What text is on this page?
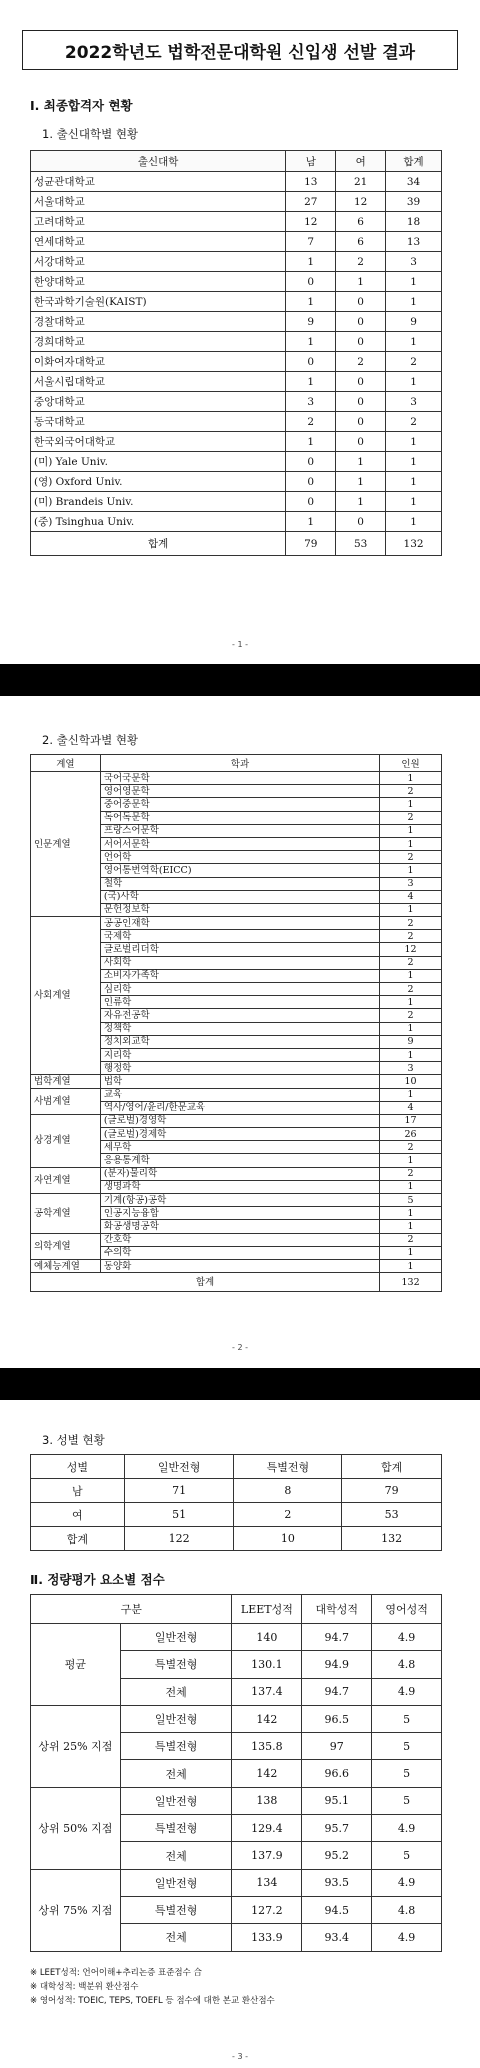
2022학년도 법학전문대학원 신입생 선발 결과
Ⅰ. 최종합격자 현황
1. 출신대학별 현황
출신대학	남	여	합계
성균관대학교	13	21	34
서울대학교	27	12	39
고려대학교	12	6	18
연세대학교	7	6	13
서강대학교	1	2	3
한양대학교	0	1	1
한국과학기술원(KAIST)	1	0	1
경찰대학교	9	0	9
경희대학교	1	0	1
이화여자대학교	0	2	2
서울시립대학교	1	0	1
중앙대학교	3	0	3
동국대학교	2	0	2
한국외국어대학교	1	0	1
(미) Yale Univ.	0	1	1
(영) Oxford Univ.	0	1	1
(미) Brandeis Univ.	0	1	1
(중) Tsinghua Univ.	1	0	1
합계	79	53	132
- 1 -
2. 출신학과별 현황
계열	학과	인원
인문계열	국어국문학	1
	영어영문학	2
	중어중문학	1
	독어독문학	2
	프랑스어문학	1
	서어서문학	1
	언어학	2
	영어통번역학(EICC)	1
	철학	3
	(국)사학	4
	문헌정보학	1
사회계열	공공인재학	2
	국제학	2
	글로벌리더학	12
	사회학	2
	소비자가족학	1
	심리학	2
	인류학	1
	자유전공학	2
	정책학	1
	정치외교학	9
	지리학	1
	행정학	3
법학계열	법학	10
사범계열	교육	1
	역사/영어/윤리/한문교육	4
상경계열	(글로벌)경영학	17
	(글로벌)경제학	26
	세무학	2
	응용통계학	1
자연계열	(분자)물리학	2
	생명과학	1
공학계열	기계(항공)공학	5
	인공지능융합	1
	화공생명공학	1
의학계열	간호학	2
	수의학	1
예체능계열	동양화	1
합계		132
- 2 -
3. 성별 현황
Ⅱ. 정량평가 요소별 점수
성별	일반전형	특별전형	합계
남	71	8	79
여	51	2	53
합계	122	10	132
구분		LEET성적	대학성적	영어성적
평균	일반전형	140	94.7	4.9
	특별전형	130.1	94.9	4.8
	전체	137.4	94.7	4.9
상위 25% 지점	일반전형	142	96.5	5
	특별전형	135.8	97	5
	전체	142	96.6	5
상위 50% 지점	일반전형	138	95.1	5
	특별전형	129.4	95.7	4.9
	전체	137.9	95.2	5
상위 75% 지점	일반전형	134	93.5	4.9
	특별전형	127.2	94.5	4.8
	전체	133.9	93.4	4.9
※ LEET성적: 언어이해+추리논증 표준점수 合
※ 대학성적: 백분위 환산점수
※ 영어성적: TOEIC, TEPS, TOEFL 등 점수에 대한 본교 환산점수
- 3 -
